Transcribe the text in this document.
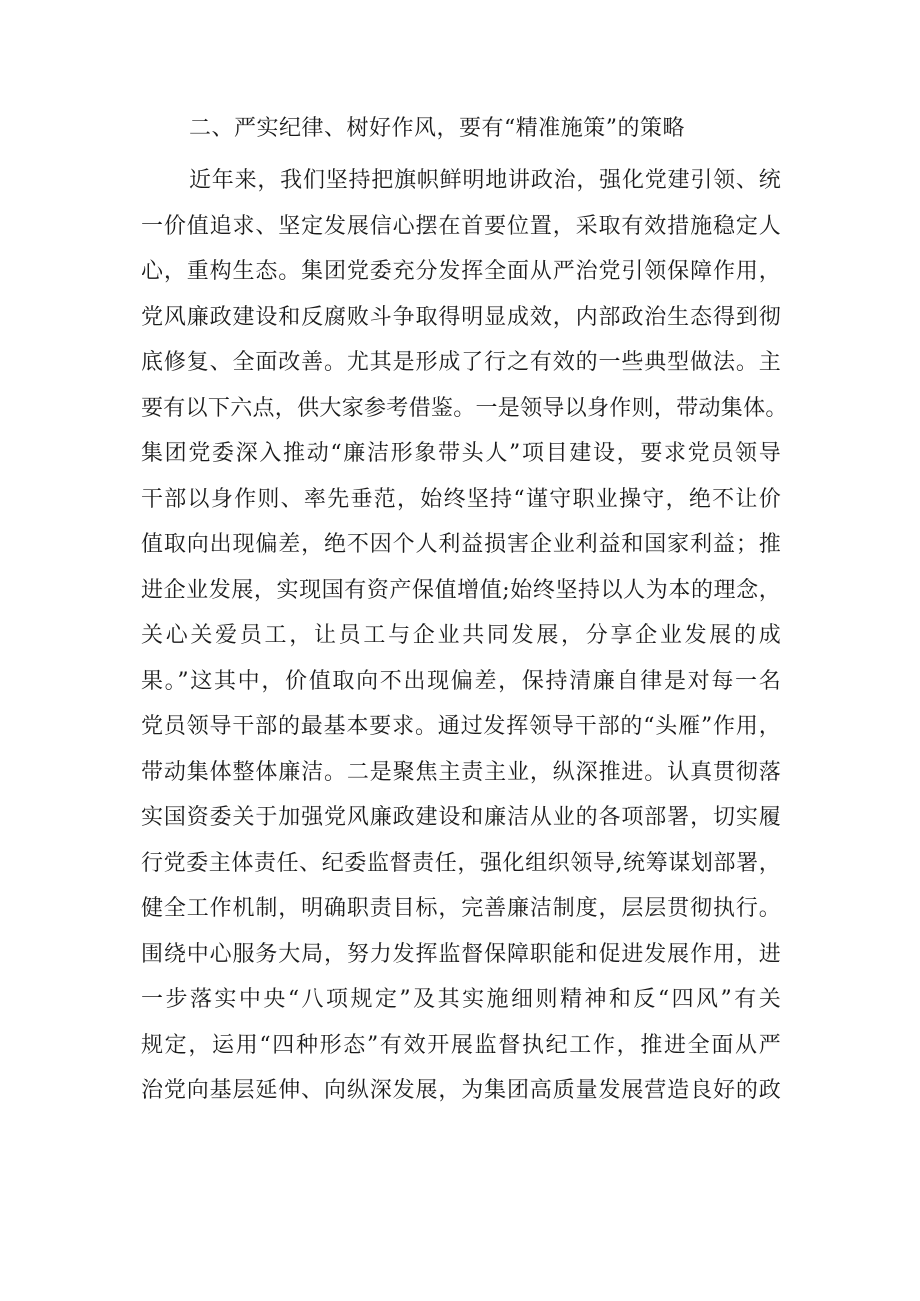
二、严实纪律、树好作风，要有“精准施策”的策略
近年来，我们坚持把旗帜鲜明地讲政治，强化党建引领、统
一价值追求、坚定发展信心摆在首要位置，采取有效措施稳定人
心，重构生态。集团党委充分发挥全面从严治党引领保障作用，
党风廉政建设和反腐败斗争取得明显成效，内部政治生态得到彻
底修复、全面改善。尤其是形成了行之有效的一些典型做法。主
要有以下六点，供大家参考借鉴。一是领导以身作则，带动集体。
集团党委深入推动“廉洁形象带头人”项目建设，要求党员领导
干部以身作则、率先垂范，始终坚持“谨守职业操守，绝不让价
值取向出现偏差，绝不因个人利益损害企业利益和国家利益；推
进企业发展，实现国有资产保值增值;始终坚持以人为本的理念，
关心关爱员工，让员工与企业共同发展，分享企业发展的成
果。”这其中，价值取向不出现偏差，保持清廉自律是对每一名
党员领导干部的最基本要求。通过发挥领导干部的“头雁”作用，
带动集体整体廉洁。二是聚焦主责主业，纵深推进。认真贯彻落
实国资委关于加强党风廉政建设和廉洁从业的各项部署，切实履
行党委主体责任、纪委监督责任，强化组织领导,统筹谋划部署，
健全工作机制，明确职责目标，完善廉洁制度，层层贯彻执行。
围绕中心服务大局，努力发挥监督保障职能和促进发展作用，进
一步落实中央“八项规定”及其实施细则精神和反“四风”有关
规定，运用“四种形态”有效开展监督执纪工作，推进全面从严
治党向基层延伸、向纵深发展，为集团高质量发展营造良好的政
